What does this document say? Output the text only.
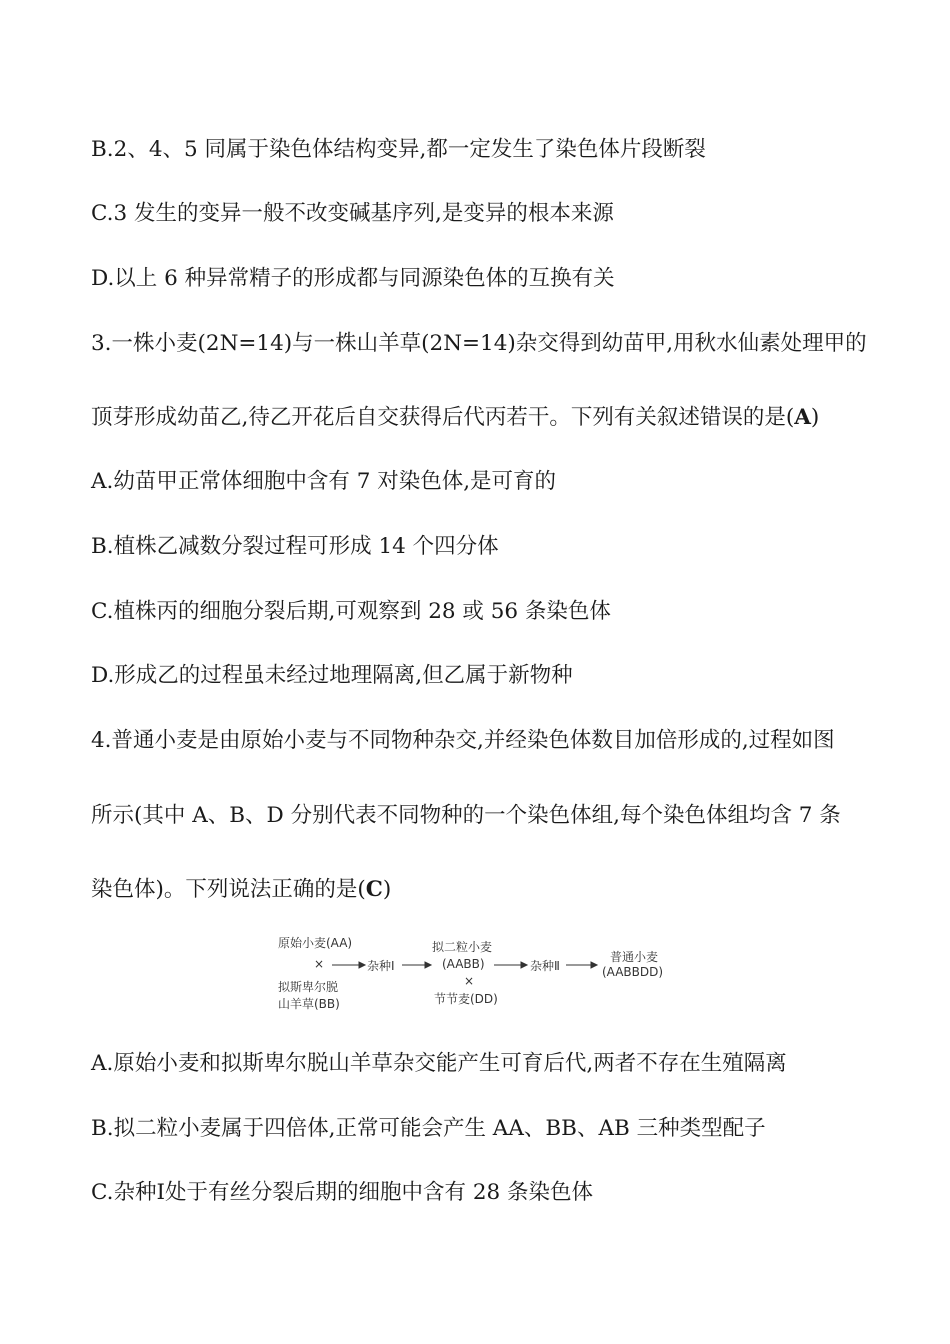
B.2、4、5 同属于染色体结构变异,都一定发生了染色体片段断裂
C.3 发生的变异一般不改变碱基序列,是变异的根本来源
D.以上 6 种异常精子的形成都与同源染色体的互换有关
3.一株小麦(2N=14)与一株山羊草(2N=14)杂交得到幼苗甲,用秋水仙素处理甲的
顶芽形成幼苗乙,待乙开花后自交获得后代丙若干。下列有关叙述错误的是(A)
A.幼苗甲正常体细胞中含有 7 对染色体,是可育的
B.植株乙减数分裂过程可形成 14 个四分体
C.植株丙的细胞分裂后期,可观察到 28 或 56 条染色体
D.形成乙的过程虽未经过地理隔离,但乙属于新物种
4.普通小麦是由原始小麦与不同物种杂交,并经染色体数目加倍形成的,过程如图
所示(其中 A、B、D 分别代表不同物种的一个染色体组,每个染色体组均含 7 条
染色体)。下列说法正确的是(C)
原始小麦(AA)
×
拟斯卑尔脱
山羊草(BB)
杂种Ⅰ
拟二粒小麦
(AABB)
×
节节麦(DD)
杂种Ⅱ
普通小麦
(AABBDD)
A.原始小麦和拟斯卑尔脱山羊草杂交能产生可育后代,两者不存在生殖隔离
B.拟二粒小麦属于四倍体,正常可能会产生 AA、BB、AB 三种类型配子
C.杂种Ⅰ处于有丝分裂后期的细胞中含有 28 条染色体
